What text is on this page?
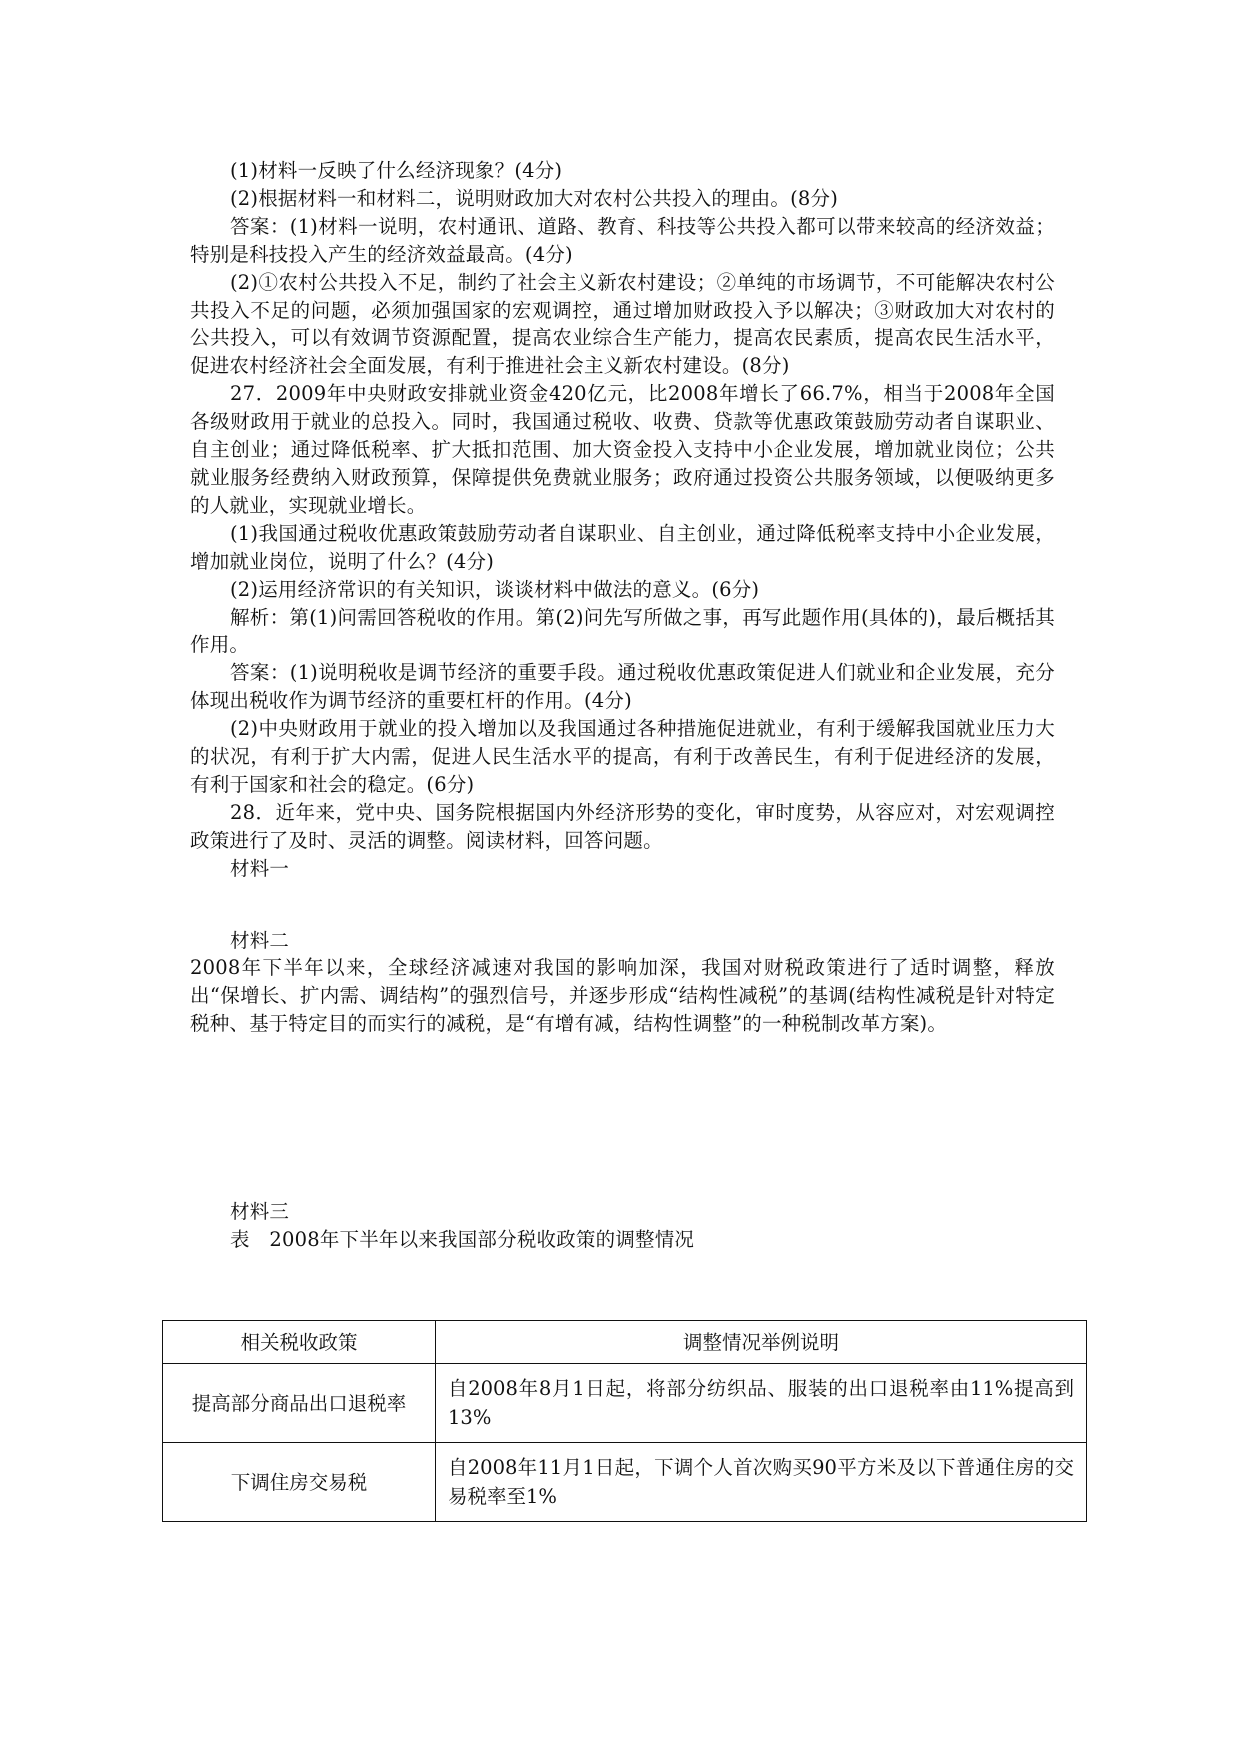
(1)材料一反映了什么经济现象？(4分)

(2)根据材料一和材料二，说明财政加大对农村公共投入的理由。(8分)

答案：(1)材料一说明，农村通讯、道路、教育、科技等公共投入都可以带来较高的经济效益；特别是科技投入产生的经济效益最高。(4分)

(2)①农村公共投入不足，制约了社会主义新农村建设；②单纯的市场调节，不可能解决农村公共投入不足的问题，必须加强国家的宏观调控，通过增加财政投入予以解决；③财政加大对农村的公共投入，可以有效调节资源配置，提高农业综合生产能力，提高农民素质，提高农民生活水平，促进农村经济社会全面发展，有利于推进社会主义新农村建设。(8分)

27．2009年中央财政安排就业资金420亿元，比2008年增长了66.7%，相当于2008年全国各级财政用于就业的总投入。同时，我国通过税收、收费、贷款等优惠政策鼓励劳动者自谋职业、自主创业；通过降低税率、扩大抵扣范围、加大资金投入支持中小企业发展，增加就业岗位；公共就业服务经费纳入财政预算，保障提供免费就业服务；政府通过投资公共服务领域，以便吸纳更多的人就业，实现就业增长。

(1)我国通过税收优惠政策鼓励劳动者自谋职业、自主创业，通过降低税率支持中小企业发展，增加就业岗位，说明了什么？(4分)

(2)运用经济常识的有关知识，谈谈材料中做法的意义。(6分)

解析：第(1)问需回答税收的作用。第(2)问先写所做之事，再写此题作用(具体的)，最后概括其作用。

答案：(1)说明税收是调节经济的重要手段。通过税收优惠政策促进人们就业和企业发展，充分体现出税收作为调节经济的重要杠杆的作用。(4分)

(2)中央财政用于就业的投入增加以及我国通过各种措施促进就业，有利于缓解我国就业压力大的状况，有利于扩大内需，促进人民生活水平的提高，有利于改善民生，有利于促进经济的发展，有利于国家和社会的稳定。(6分)

28．近年来，党中央、国务院根据国内外经济形势的变化，审时度势，从容应对，对宏观调控政策进行了及时、灵活的调整。阅读材料，回答问题。

材料一

材料二

2008年下半年以来，全球经济减速对我国的影响加深，我国对财税政策进行了适时调整，释放出“保增长、扩内需、调结构”的强烈信号，并逐步形成“结构性减税”的基调(结构性减税是针对特定税种、基于特定目的而实行的减税，是“有增有减，结构性调整”的一种税制改革方案)。

材料三

表　2008年下半年以来我国部分税收政策的调整情况

相关税收政策	调整情况举例说明
提高部分商品出口退税率	自2008年8月1日起，将部分纺织品、服装的出口退税率由11%提高到13%
下调住房交易税	自2008年11月1日起，下调个人首次购买90平方米及以下普通住房的交易税率至1%
